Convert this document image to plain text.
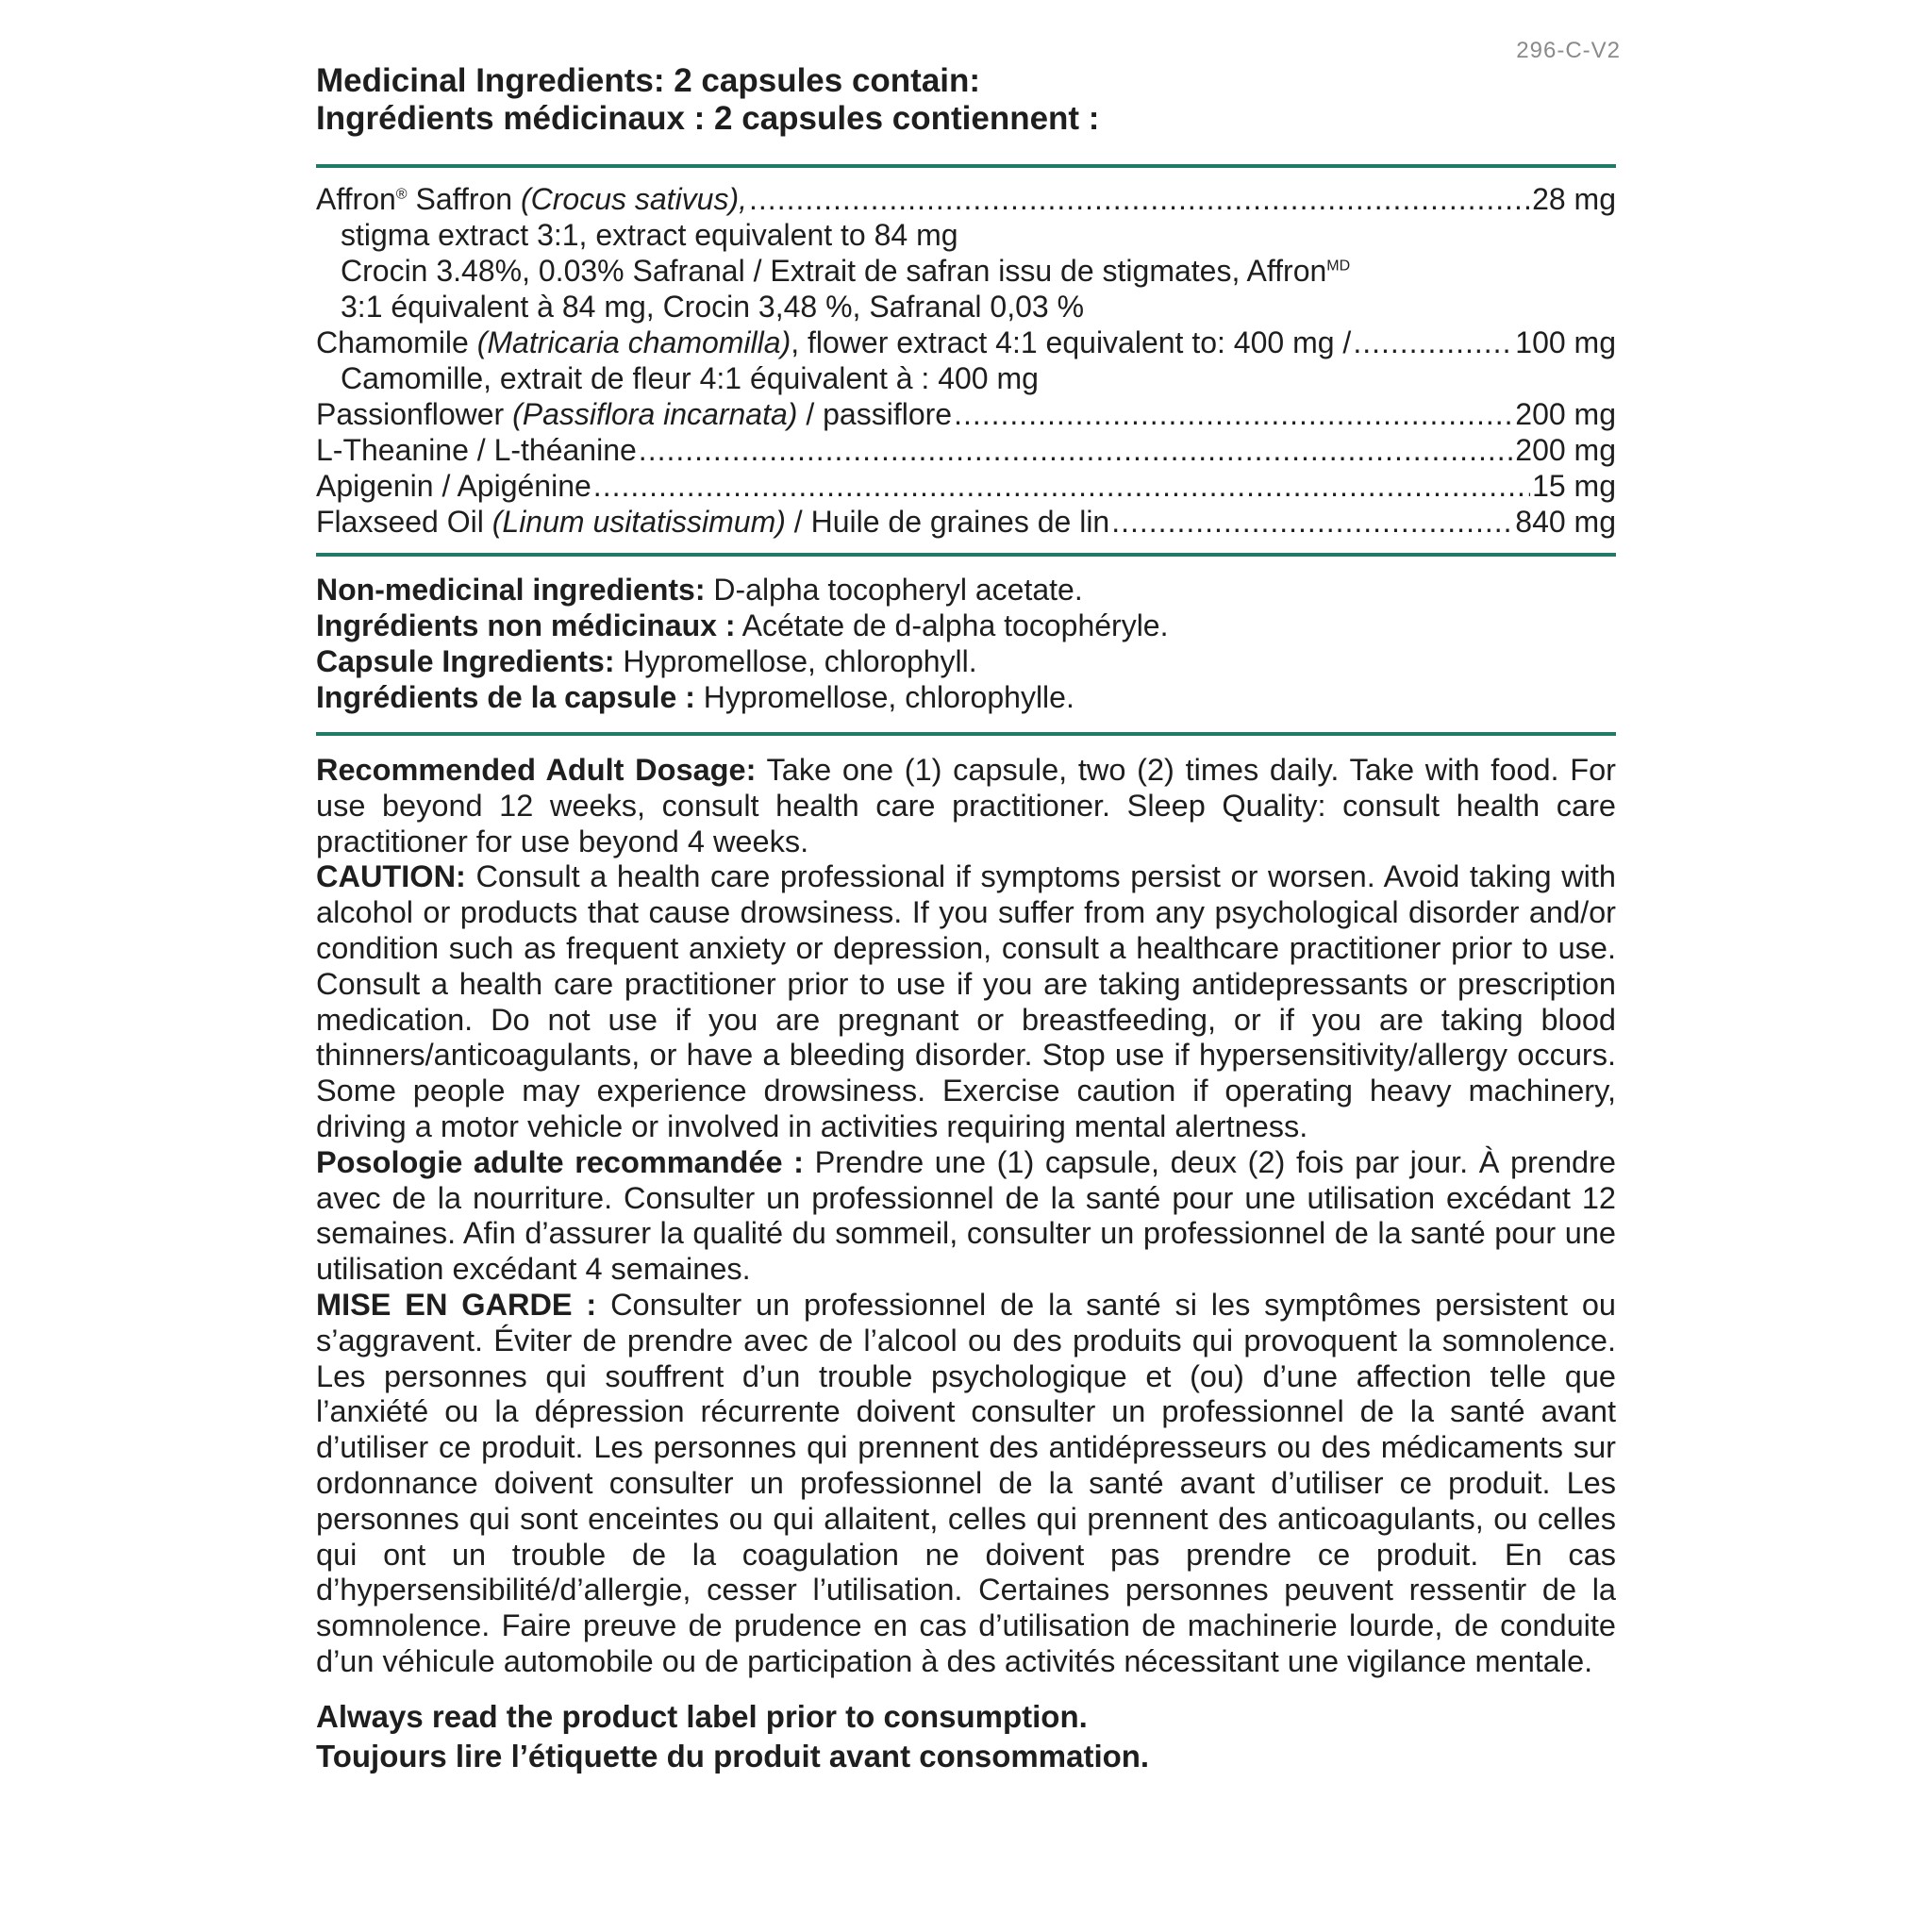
296-C-V2
Medicinal Ingredients: 2 capsules contain:
Ingrédients médicinaux : 2 capsules contiennent :
Affron® Saffron (Crocus sativus), .....	28 mg
stigma extract 3:1, extract equivalent to 84 mg
Crocin 3.48%, 0.03% Safranal / Extrait de safran issu de stigmates, Affron$^{MD}$
3:1 équivalent à 84 mg, Crocin 3,48 %, Safranal 0,03 %
Chamomile (Matricaria chamomilla), flower extract 4:1 equivalent to: 400 mg / .....	100 mg
Camomille, extrait de fleur 4:1 équivalent à : 400 mg
Passionflower (Passiflora incarnata) / passiflore .....	200 mg
L-Theanine / L-théanine .....	200 mg
Apigenin / Apigénine .....	15 mg
Flaxseed Oil (Linum usitatissimum) / Huile de graines de lin .....	840 mg
Non-medicinal ingredients: D-alpha tocopheryl acetate.
Ingrédients non médicinaux : Acétate de d-alpha tocophéryle.
Capsule Ingredients: Hypromellose, chlorophyll.
Ingrédients de la capsule : Hypromellose, chlorophylle.

Recommended Adult Dosage: Take one (1) capsule, two (2) times daily. Take with food. For use beyond 12 weeks, consult health care practitioner. Sleep Quality: consult health care practitioner for use beyond 4 weeks.

CAUTION: Consult a health care professional if symptoms persist or worsen. Avoid taking with alcohol or products that cause drowsiness. If you suffer from any psychological disorder and/or condition such as frequent anxiety or depression, consult a healthcare practitioner prior to use. Consult a health care practitioner prior to use if you are taking antidepressants or prescription medication. Do not use if you are pregnant or breastfeeding, or if you are taking blood thinners/anticoagulants, or have a bleeding disorder. Stop use if hypersensitivity/allergy occurs. Some people may experience drowsiness. Exercise caution if operating heavy machinery, driving a motor vehicle or involved in activities requiring mental alertness.

Posologie adulte recommandée : Prendre une (1) capsule, deux (2) fois par jour. À prendre avec de la nourriture. Consulter un professionnel de la santé pour une utilisation excédant 12 semaines. Afin d’assurer la qualité du sommeil, consulter un professionnel de la santé pour une utilisation excédant 4 semaines.

MISE EN GARDE : Consulter un professionnel de la santé si les symptômes persistent ou s’aggravent. Éviter de prendre avec de l’alcool ou des produits qui provoquent la somnolence. Les personnes qui souffrent d’un trouble psychologique et (ou) d’une affection telle que l’anxiété ou la dépression récurrente doivent consulter un professionnel de la santé avant d’utiliser ce produit. Les personnes qui prennent des antidépresseurs ou des médicaments sur ordonnance doivent consulter un professionnel de la santé avant d’utiliser ce produit. Les personnes qui sont enceintes ou qui allaitent, celles qui prennent des anticoagulants, ou celles qui ont un trouble de la coagulation ne doivent pas prendre ce produit. En cas d’hypersensibilité/d’allergie, cesser l’utilisation. Certaines personnes peuvent ressentir de la somnolence. Faire preuve de prudence en cas d’utilisation de machinerie lourde, de conduite d’un véhicule automobile ou de participation à des activités nécessitant une vigilance mentale.

Always read the product label prior to consumption.

Toujours lire l’étiquette du produit avant consommation.
